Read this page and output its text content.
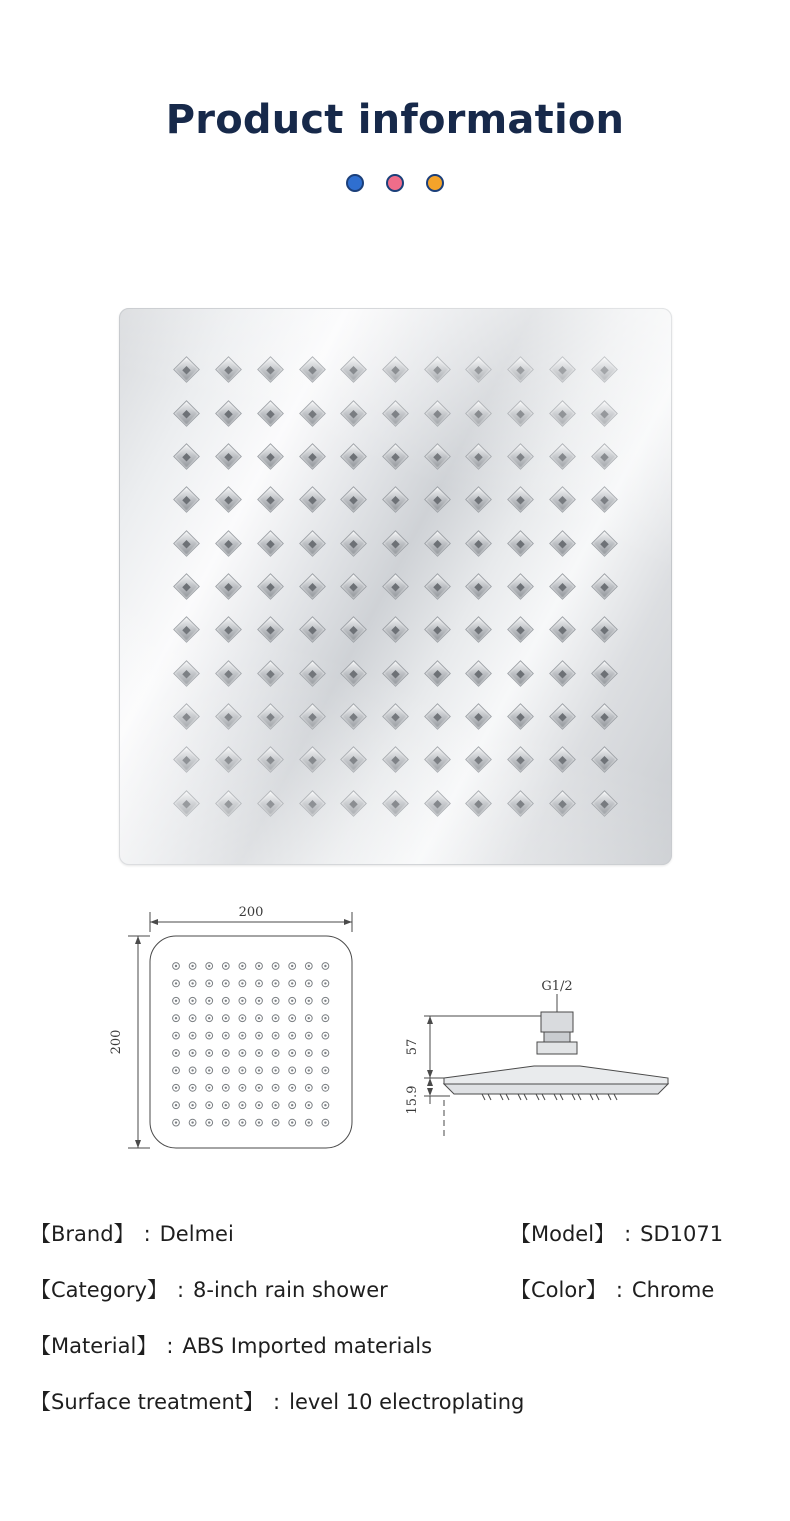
Product information
200
200	57
15.9
G1/2
【Brand】 : Delmei	【Model】 : SD1071
【Category】 : 8-inch rain shower	【Color】 : Chrome
【Material】 : ABS Imported materials
【Surface treatment】 : level 10 electroplating
